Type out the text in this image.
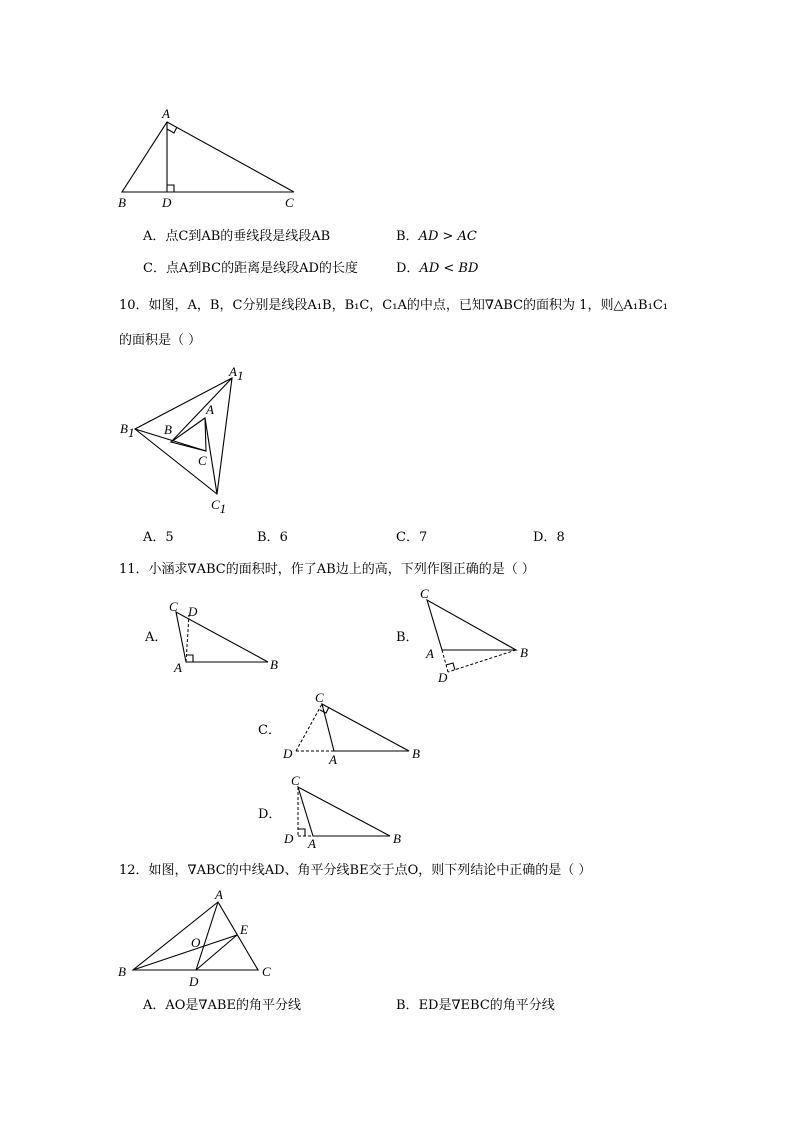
A
B	D	C
A．点C到AB的垂线段是线段AB	B．AD > AC
C．点A到BC的距离是线段AD的长度	D．AD < BD
10．如图，A，B，C分别是线段A₁B，B₁C，C₁A的中点，已知∇ABC的面积为 1，则△A₁B₁C₁
的面积是（ ）
A1
B1
C1
A
B
C
A．5	B．6	C．7	D．8
11．小涵求∇ABC的面积时，作了AB边上的高，下列作图正确的是（ ）
A．	B．
C．
D．
C D
A	B
C
A	B
D
C
D	A	B
C
D A	B
12．如图，∇ABC的中线AD、角平分线BE交于点O，则下列结论中正确的是（ ）
A
B	C
D
E
O
A．AO是∇ABE的角平分线	B．ED是∇EBC的角平分线
